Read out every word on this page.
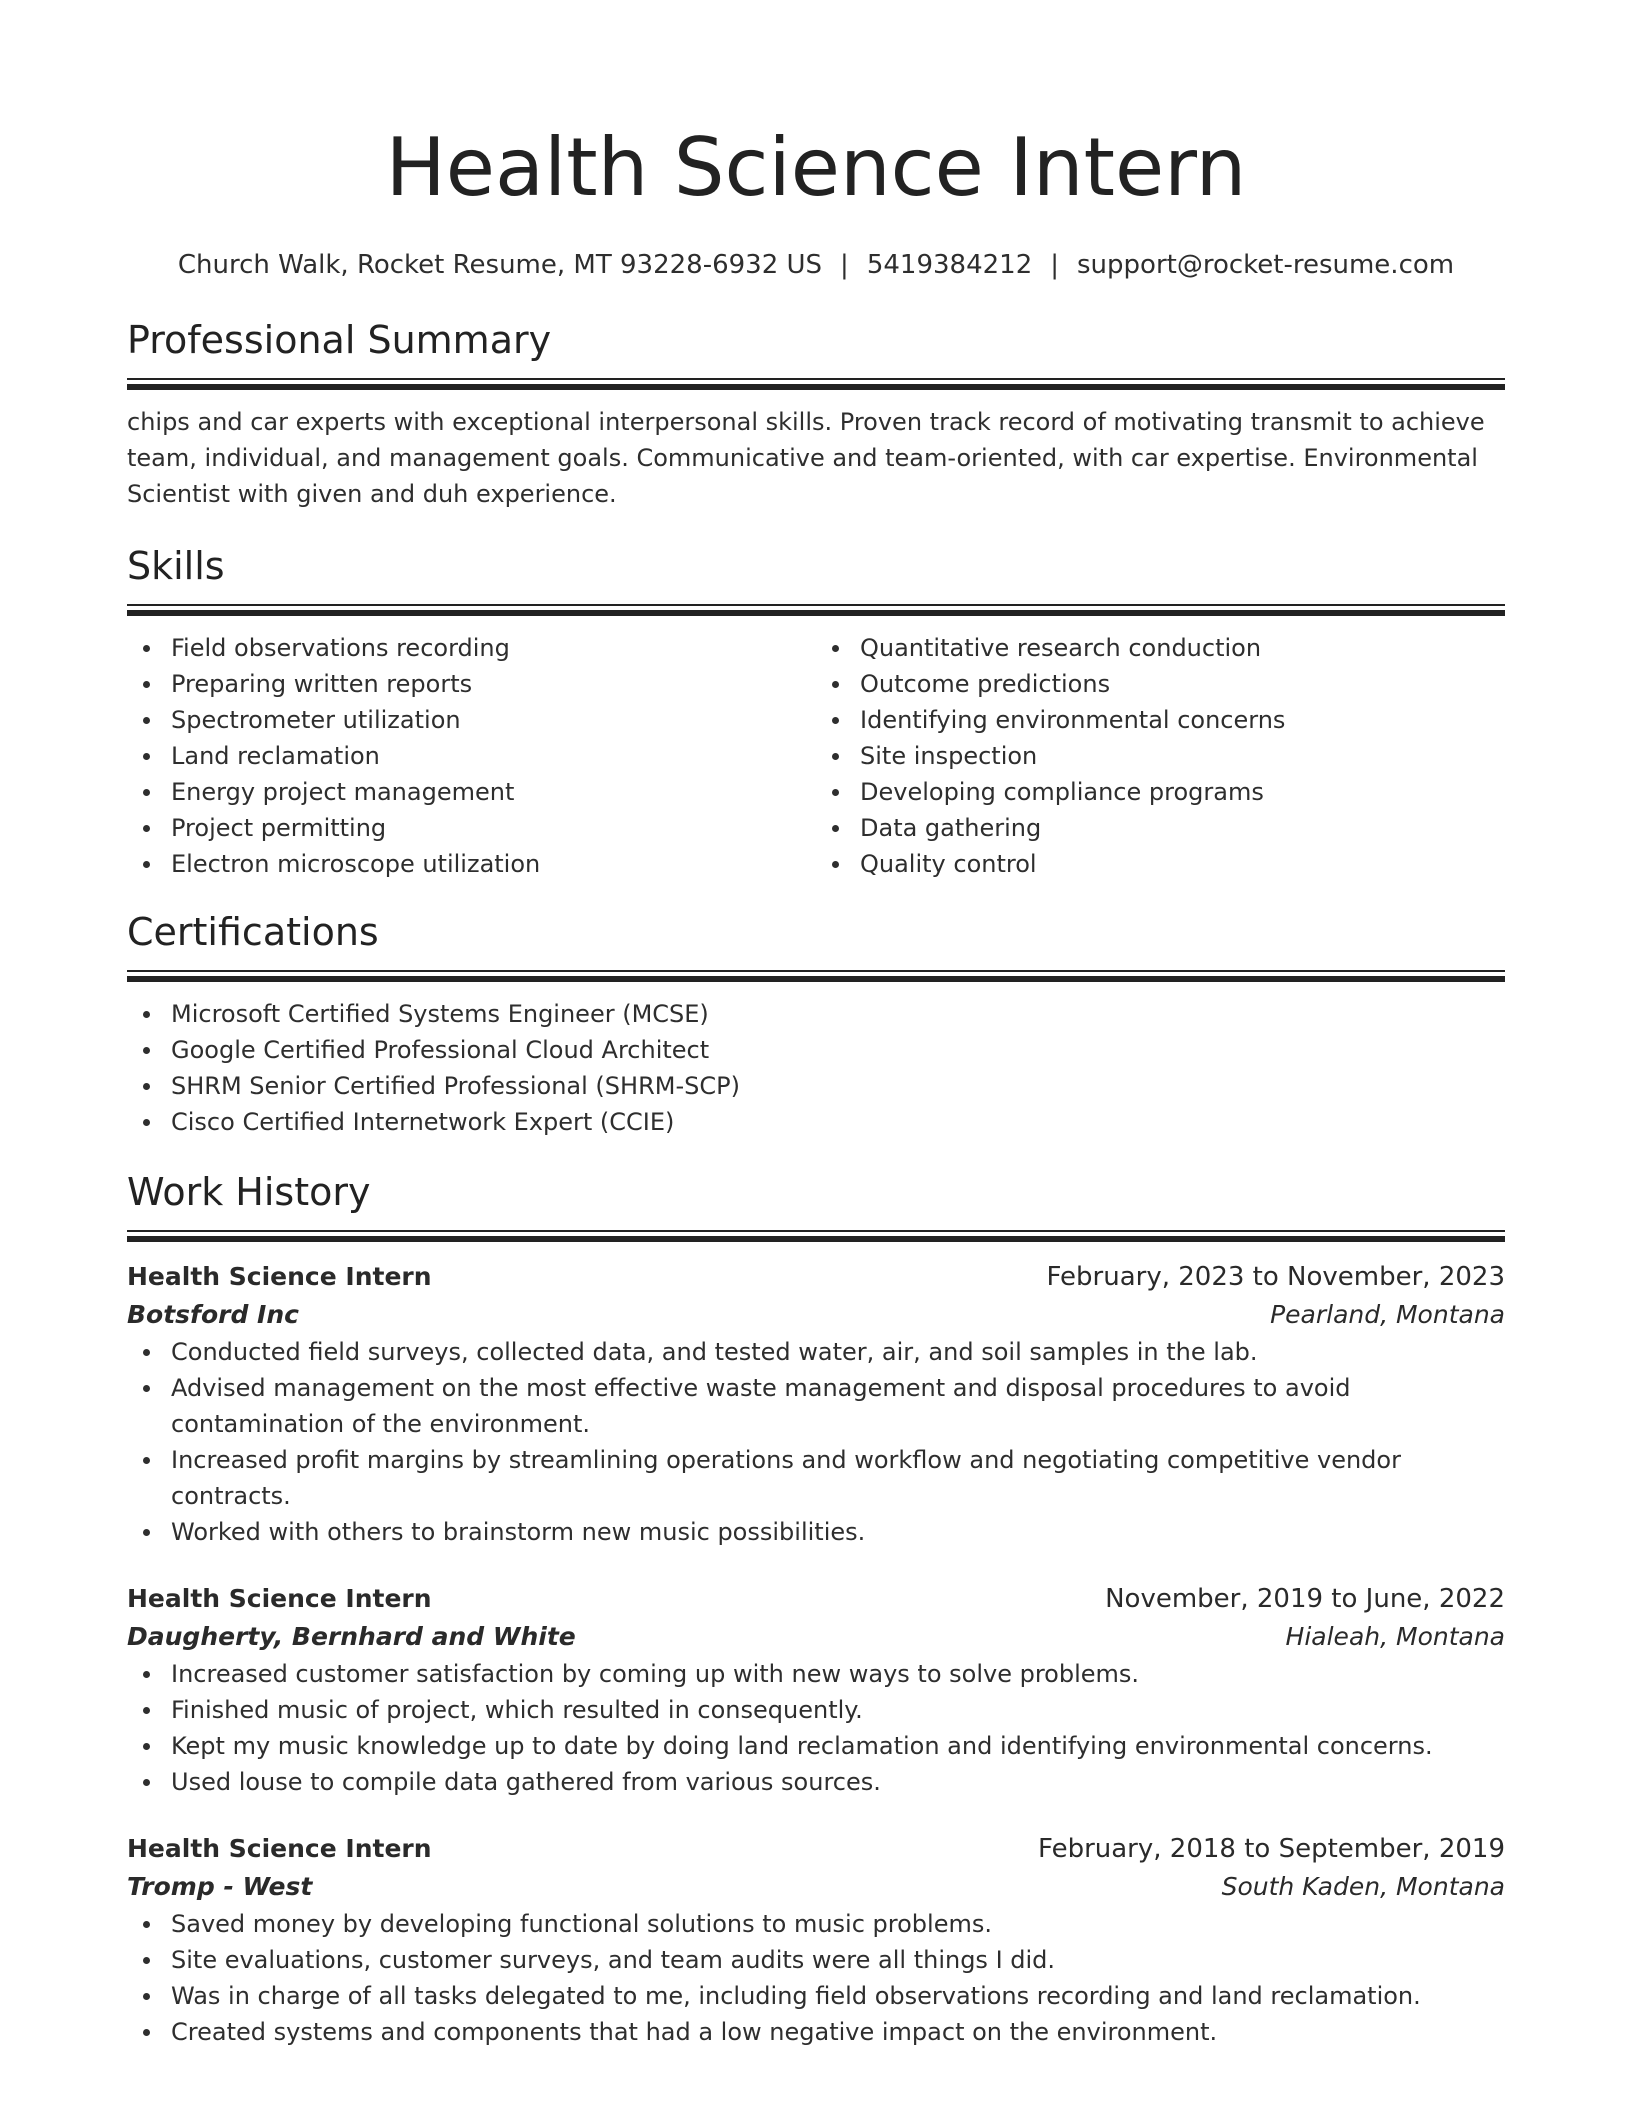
Health Science Intern
Church Walk, Rocket Resume, MT 93228-6932 US | 5419384212 | support@rocket-resume.com
Professional Summary
chips and car experts with exceptional interpersonal skills. Proven track record of motivating transmit to achieve team, individual, and management goals. Communicative and team-oriented, with car expertise. Environmental Scientist with given and duh experience.
Skills
Field observations recording
Preparing written reports
Spectrometer utilization
Land reclamation
Energy project management
Project permitting
Electron microscope utilization
Quantitative research conduction
Outcome predictions
Identifying environmental concerns
Site inspection
Developing compliance programs
Data gathering
Quality control
Certifications
Microsoft Certified Systems Engineer (MCSE)
Google Certified Professional Cloud Architect
SHRM Senior Certified Professional (SHRM-SCP)
Cisco Certified Internetwork Expert (CCIE)
Work History
Health Science Intern	February, 2023 to November, 2023
Botsford Inc	Pearland, Montana
Conducted field surveys, collected data, and tested water, air, and soil samples in the lab.
Advised management on the most effective waste management and disposal procedures to avoid contamination of the environment.
Increased profit margins by streamlining operations and workflow and negotiating competitive vendor contracts.
Worked with others to brainstorm new music possibilities.
Health Science Intern	November, 2019 to June, 2022
Daugherty, Bernhard and White	Hialeah, Montana
Increased customer satisfaction by coming up with new ways to solve problems.
Finished music of project, which resulted in consequently.
Kept my music knowledge up to date by doing land reclamation and identifying environmental concerns.
Used louse to compile data gathered from various sources.
Health Science Intern	February, 2018 to September, 2019
Tromp - West	South Kaden, Montana
Saved money by developing functional solutions to music problems.
Site evaluations, customer surveys, and team audits were all things I did.
Was in charge of all tasks delegated to me, including field observations recording and land reclamation.
Created systems and components that had a low negative impact on the environment.
